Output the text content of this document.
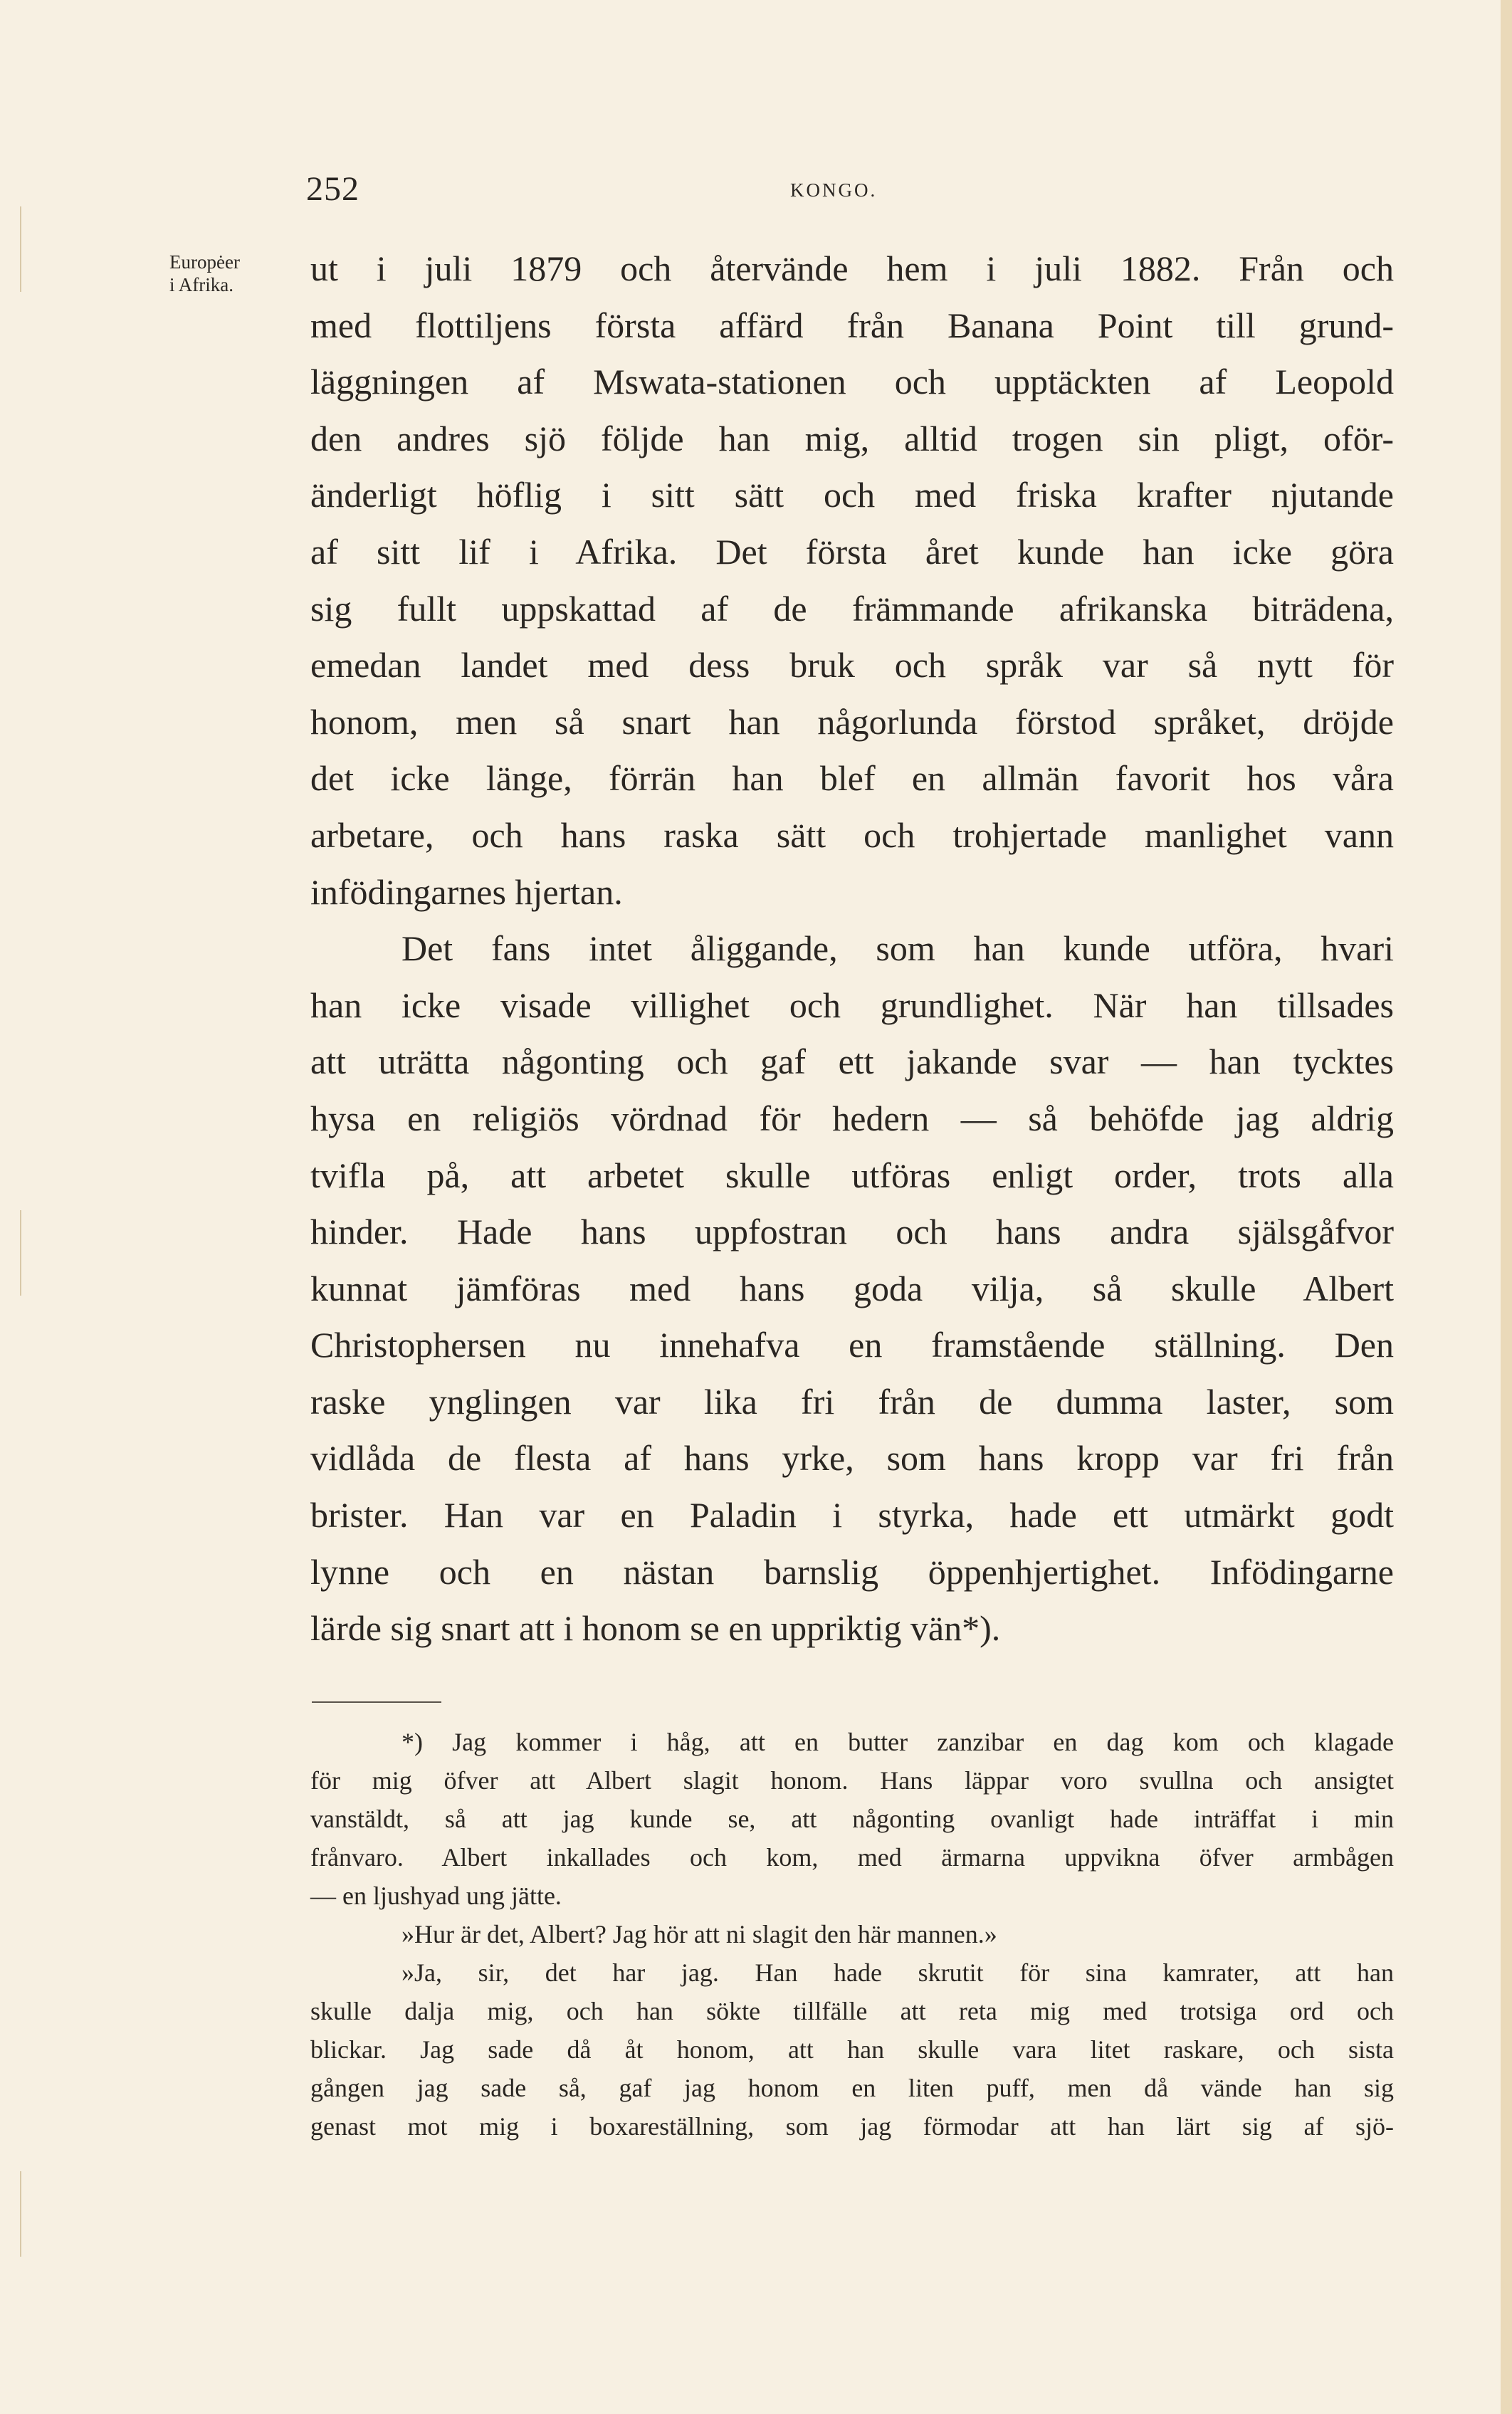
252	KONGO.
Europėer
i Afrika.	ut i juli 1879 och återvände hem i juli 1882. Från och
med flottiljens första affärd från Banana Point till grund-
läggningen af Mswata-stationen och upptäckten af Leopold
den andres sjö följde han mig, alltid trogen sin pligt, oför-
änderligt höflig i sitt sätt och med friska krafter njutande
af sitt lif i Afrika. Det första året kunde han icke göra
sig fullt uppskattad af de främmande afrikanska biträdena,
emedan landet med dess bruk och språk var så nytt för
honom, men så snart han någorlunda förstod språket, dröjde
det icke länge, förrän han blef en allmän favorit hos våra
arbetare, och hans raska sätt och trohjertade manlighet vann
infödingarnes hjertan.
Det fans intet åliggande, som han kunde utföra, hvari
han icke visade villighet och grundlighet. När han tillsades
att uträtta någonting och gaf ett jakande svar — han tycktes
hysa en religiös vördnad för hedern — så behöfde jag aldrig
tvifla på, att arbetet skulle utföras enligt order, trots alla
hinder. Hade hans uppfostran och hans andra själsgåfvor
kunnat jämföras med hans goda vilja, så skulle Albert
Christophersen nu innehafva en framstående ställning. Den
raske ynglingen var lika fri från de dumma laster, som
vidlåda de flesta af hans yrke, som hans kropp var fri från
brister. Han var en Paladin i styrka, hade ett utmärkt godt
lynne och en nästan barnslig öppenhjertighet. Infödingarne
lärde sig snart att i honom se en uppriktig vän*).
*) Jag kommer i håg, att en butter zanzibar en dag kom och klagade
för mig öfver att Albert slagit honom. Hans läppar voro svullna och ansigtet
vanstäldt, så att jag kunde se, att någonting ovanligt hade inträffat i min
frånvaro. Albert inkallades och kom, med ärmarna uppvikna öfver armbågen
— en ljushyad ung jätte.
»Hur är det, Albert? Jag hör att ni slagit den här mannen.»
»Ja, sir, det har jag. Han hade skrutit för sina kamrater, att han
skulle dalja mig, och han sökte tillfälle att reta mig med trotsiga ord och
blickar. Jag sade då åt honom, att han skulle vara litet raskare, och sista
gången jag sade så, gaf jag honom en liten puff, men då vände han sig
genast mot mig i boxareställning, som jag förmodar att han lärt sig af sjö-
